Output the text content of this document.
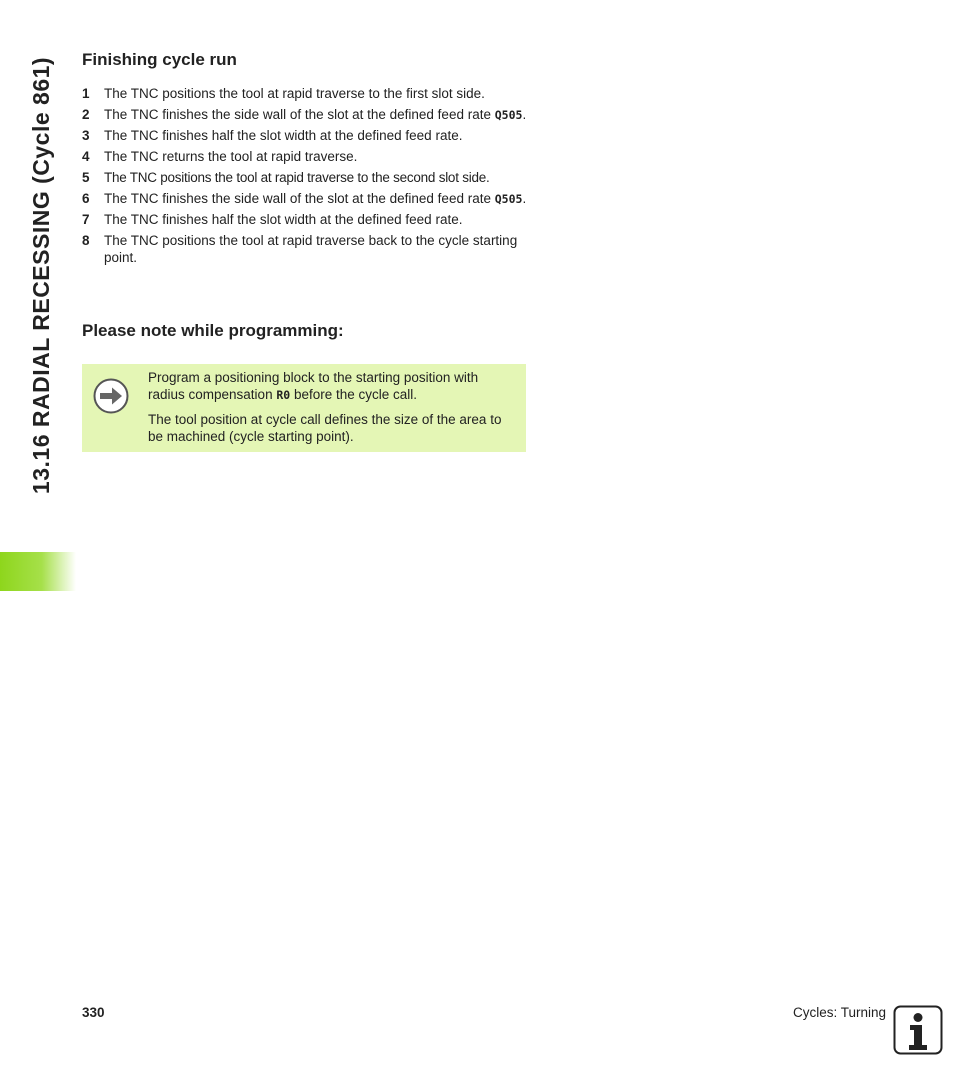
13.16 RADIAL RECESSING (Cycle 861) Finishing cycle run
1 The TNC positions the tool at rapid traverse to the first slot side.
2 The TNC finishes the side wall of the slot at the defined feed rate Q505.
3 The TNC finishes half the slot width at the defined feed rate.
4 The TNC returns the tool at rapid traverse.
5 The TNC positions the tool at rapid traverse to the second slot side.
6 The TNC finishes the side wall of the slot at the defined feed rate Q505.
7 The TNC finishes half the slot width at the defined feed rate.
8 The TNC positions the tool at rapid traverse back to the cycle starting point.
Please note while programming:

Program a positioning block to the starting position with radius compensation R0 before the cycle call.

The tool position at cycle call defines the size of the area to be machined (cycle starting point).

330	Cycles: Turning
